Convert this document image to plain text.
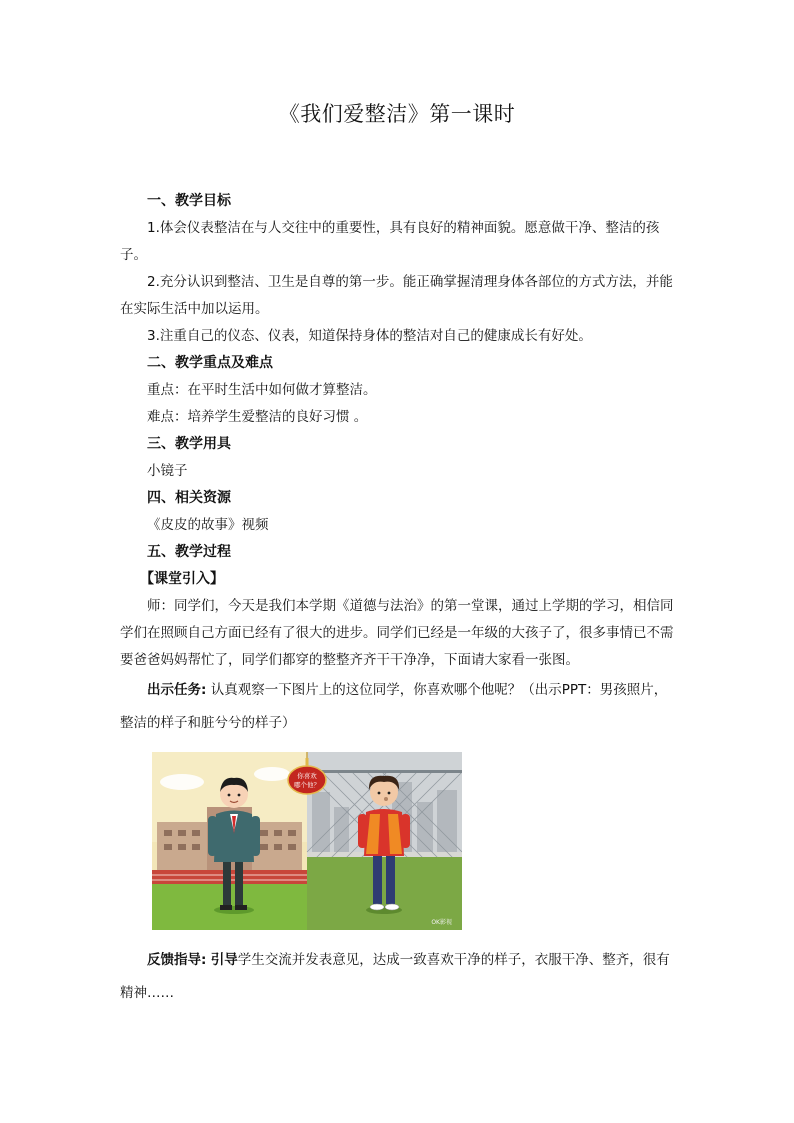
《我们爱整洁》第一课时

一、教学目标

1.体会仪表整洁在与人交往中的重要性，具有良好的精神面貌。愿意做干净、整洁的孩子。

2.充分认识到整洁、卫生是自尊的第一步。能正确掌握清理身体各部位的方式方法，并能在实际生活中加以运用。

3.注重自己的仪态、仪表，知道保持身体的整洁对自己的健康成长有好处。

二、教学重点及难点

重点：在平时生活中如何做才算整洁。

难点：培养学生爱整洁的良好习惯 。

三、教学用具

小镜子

四、相关资源

《皮皮的故事》视频

五、教学过程

【课堂引入】

师：同学们，今天是我们本学期《道德与法治》的第一堂课，通过上学期的学习，相信同学们在照顾自己方面已经有了很大的进步。同学们已经是一年级的大孩子了，很多事情已不需要爸爸妈妈帮忙了，同学们都穿的整整齐齐干干净净，下面请大家看一张图。

出示任务: 认真观察一下图片上的这位同学，你喜欢哪个他呢？（出示PPT：男孩照片，整洁的样子和脏兮兮的样子）

你喜欢
哪个他？
OK影视
反馈指导: 引导学生交流并发表意见，达成一致喜欢干净的样子，衣服干净、整齐，很有精神……
